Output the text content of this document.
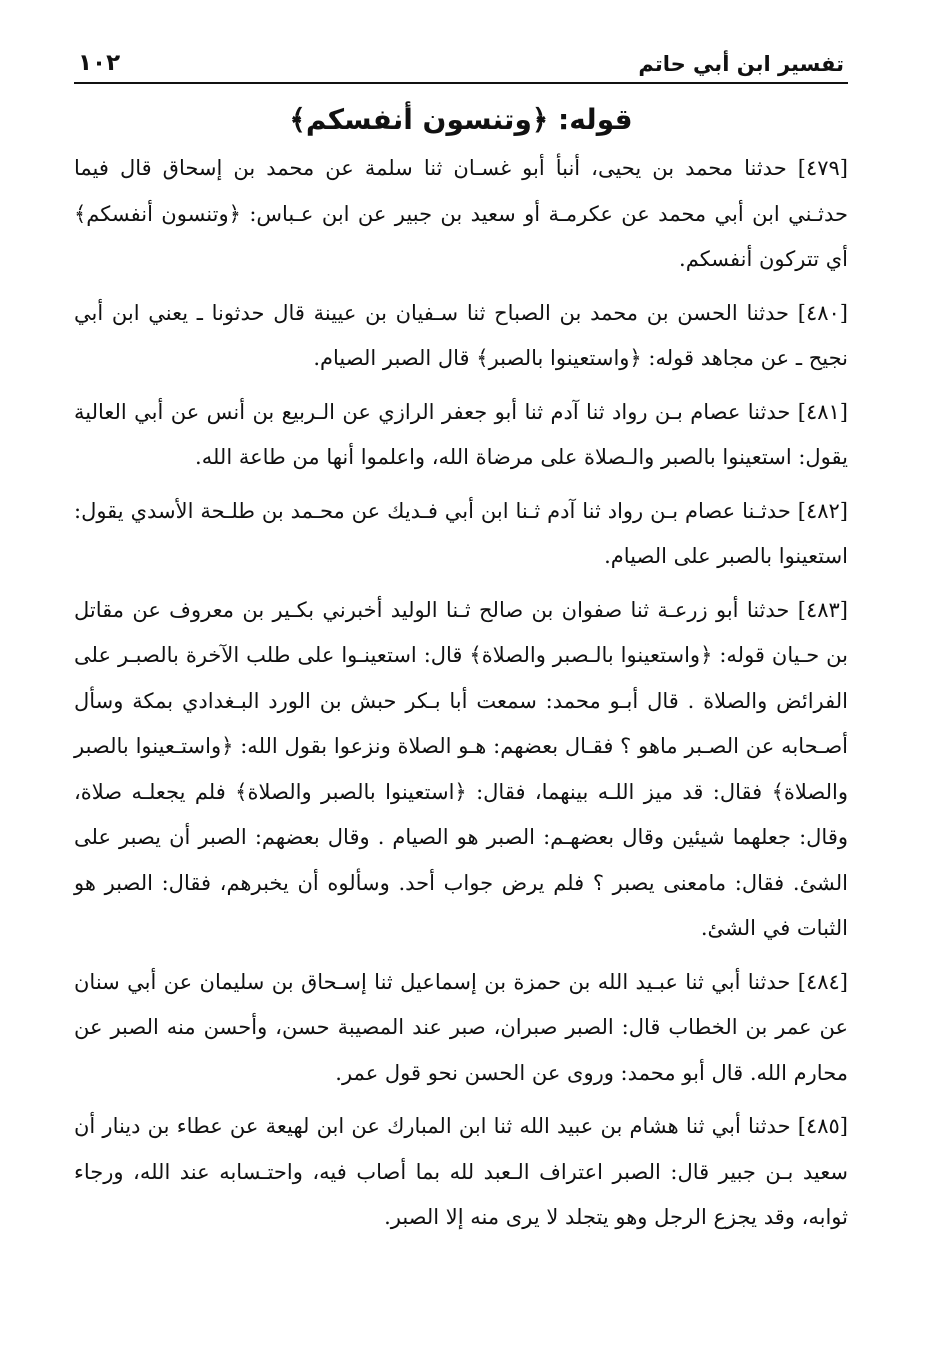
تفسير ابن أبي حاتم
١٠٢
قوله: ﴿وتنسون أنفسكم﴾

[٤٧٩] حدثنا محمد بن يحيى، أنبأ أبو غسـان ثنا سلمة عن محمد بن إسحاق قال فيما حدثـني ابن أبي محمد عن عكرمـة أو سعيد بن جبير عن ابن عـباس: ﴿وتنسون أنفسكم﴾ أي تتركون أنفسكم.

[٤٨٠] حدثنا الحسن بن محمد بن الصباح ثنا سـفيان بن عيينة قال حدثونا ـ يعني ابن أبي نجيح ـ عن مجاهد قوله: ﴿واستعينوا بالصبر﴾ قال الصبر الصيام.

[٤٨١] حدثنا عصام بـن رواد ثنا آدم ثنا أبو جعفر الرازي عن الـربيع بن أنس عن أبي العالية يقول: استعينوا بالصبر والـصلاة على مرضاة الله، واعلموا أنها من طاعة الله.

[٤٨٢] حدثـنا عصام بـن رواد ثنا آدم ثـنا ابن أبي فـديك عن محـمد بن طلـحة الأسدي يقول: استعينوا بالصبر على الصيام.

[٤٨٣] حدثنا أبو زرعـة ثنا صفوان بن صالح ثـنا الوليد أخبرني بكـير بن معروف عن مقاتل بن حـيان قوله: ﴿واستعينوا بالـصبر والصلاة﴾ قال: استعينـوا على طلب الآخرة بالصبـر على الفرائض والصلاة . قال أبـو محمد: سمعت أبا بـكر حبش بن الورد البـغدادي بمكة وسأل أصـحابه عن الصـبر ماهو ؟ فقـال بعضهم: هـو الصلاة ونزعوا بقول الله: ﴿واستـعينوا بالصبر والصلاة﴾ فقال: قد ميز اللـه بينهما، فقال: ﴿استعينوا بالصبر والصلاة﴾ فلم يجعلـه صلاة، وقال: جعلهما شيئين وقال بعضهـم: الصبر هو الصيام . وقال بعضهم: الصبر أن يصبر على الشئ. فقال: مامعنى يصبر ؟ فلم يرض جواب أحد. وسألوه أن يخبرهم، فقال: الصبر هو الثبات في الشئ.

[٤٨٤] حدثنا أبي ثنا عبـيد الله بن حمزة بن إسماعيل ثنا إسـحاق بن سليمان عن أبي سنان عن عمر بن الخطاب قال: الصبر صبران، صبر عند المصيبة حسن، وأحسن منه الصبر عن محارم الله. قال أبو محمد: وروى عن الحسن نحو قول عمر.

[٤٨٥] حدثنا أبي ثنا هشام بن عبيد الله ثنا ابن المبارك عن ابن لهيعة عن عطاء بن دينار أن سعيد بـن جبير قال: الصبر اعتراف الـعبد لله بما أصاب فيه، واحتـسابه عند الله، ورجاء ثوابه، وقد يجزع الرجل وهو يتجلد لا يرى منه إلا الصبر.
